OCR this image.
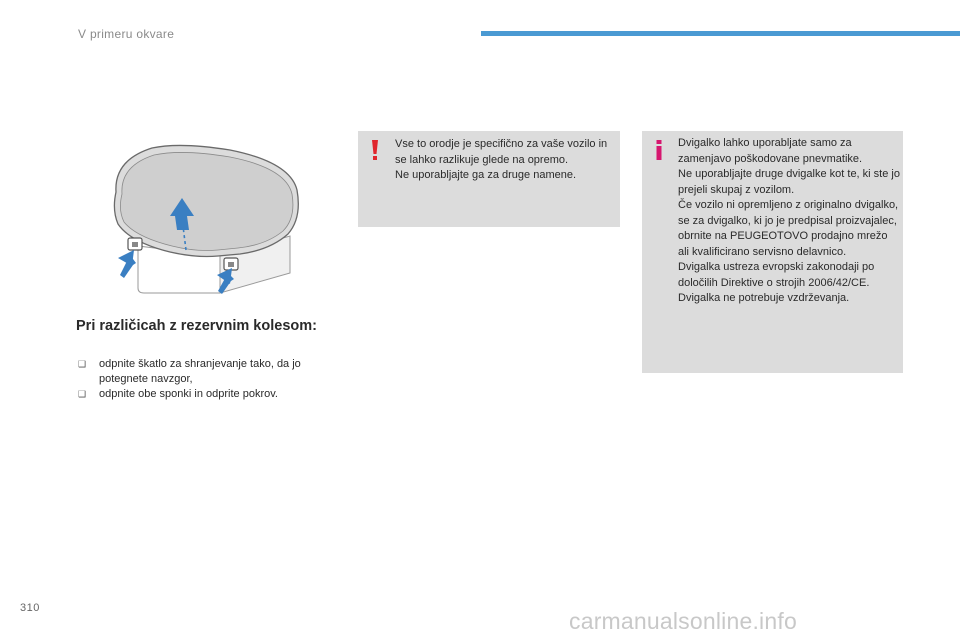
V primeru okvare
Pri različicah z rezervnim kolesom:
❑ odpnite škatlo za shranjevanje tako, da jo potegnete navzgor,
❑ odpnite obe sponki in odprite pokrov.

Vse to orodje je specifično za vaše vozilo in se lahko razlikuje glede na opremo.

Ne uporabljajte ga za druge namene.

Dvigalko lahko uporabljate samo za zamenjavo poškodovane pnevmatike.

Ne uporabljajte druge dvigalke kot te, ki ste jo prejeli skupaj z vozilom.

Če vozilo ni opremljeno z originalno dvigalko, se za dvigalko, ki jo je predpisal proizvajalec, obrnite na PEUGEOTOVO prodajno mrežo ali kvalificirano servisno delavnico.

Dvigalka ustreza evropski zakonodaji po določilih Direktive o strojih 2006/42/CE.

Dvigalka ne potrebuje vzdrževanja.

310	carmanualsonline.info
